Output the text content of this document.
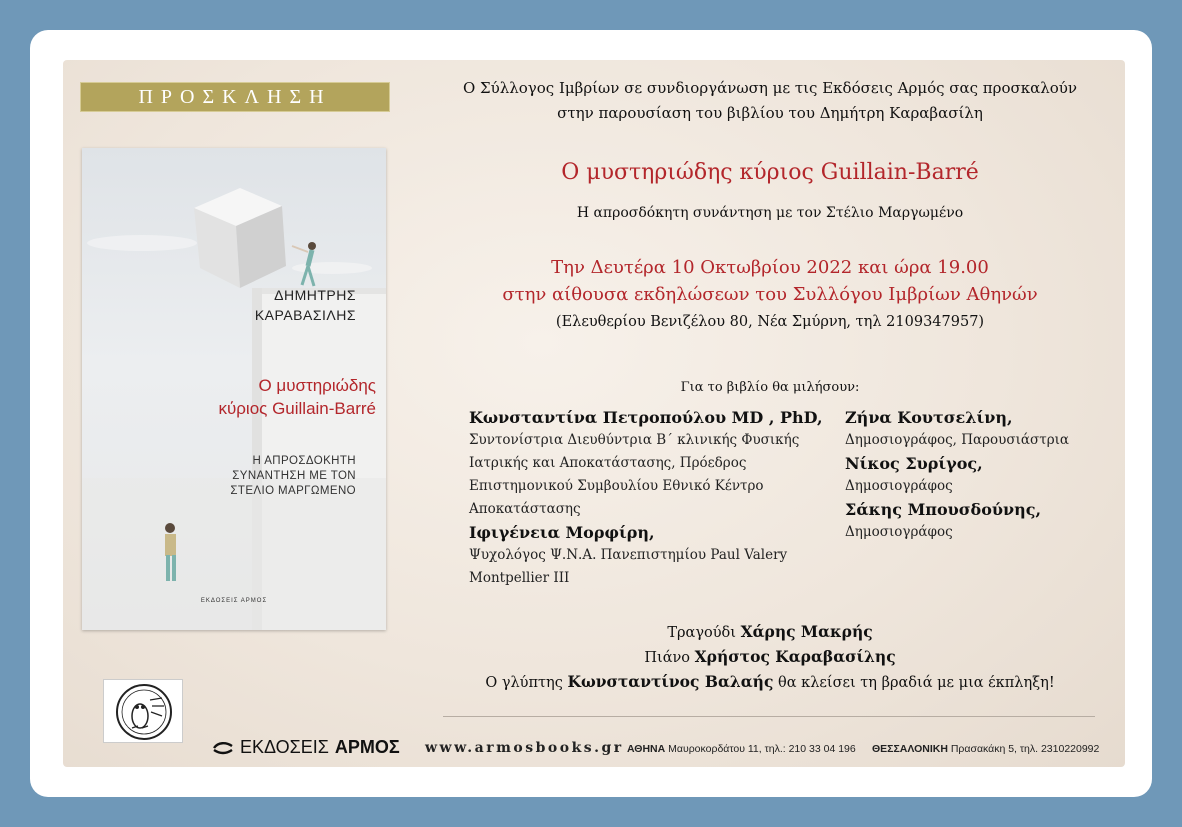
ΠΡΟΣΚΛΗΣΗ
ΔΗΜΗΤΡΗΣ
ΚΑΡΑΒΑΣΙΛΗΣ
Ο μυστηριώδης
κύριος Guillain-Barré
Η ΑΠΡΟΣΔΟΚΗΤΗ
ΣΥΝΑΝΤΗΣΗ ΜΕ ΤΟΝ
ΣΤΕΛΙΟ ΜΑΡΓΩΜΕΝΟ
ΕΚΔΟΣΕΙΣ ΑΡΜΟΣ
Ο Σύλλογος Ιμβρίων σε συνδιοργάνωση με τις Εκδόσεις Αρμός σας προσκαλούν
στην παρουσίαση του βιβλίου του Δημήτρη Καραβασίλη
Ο μυστηριώδης κύριος Guillain-Barré
Η απροσδόκητη συνάντηση με τον Στέλιο Μαργωμένο
Την Δευτέρα 10 Οκτωβρίου 2022 και ώρα 19.00
στην αίθουσα εκδηλώσεων του Συλλόγου Ιμβρίων Αθηνών
(Ελευθερίου Βενιζέλου 80, Νέα Σμύρνη, τηλ 2109347957)
Για το βιβλίο θα μιλήσουν:
Κωνσταντίνα Πετροπούλου MD , PhD,
Συντονίστρια Διευθύντρια Β΄ κλινικής Φυσικής
Ιατρικής και Αποκατάστασης, Πρόεδρος
Επιστημονικού Συμβουλίου Εθνικό Κέντρο
Αποκατάστασης
Ιφιγένεια Μορφίρη,
Ψυχολόγος Ψ.Ν.Α. Πανεπιστημίου Paul Valery
Montpellier III
Ζήνα Κουτσελίνη,
Δημοσιογράφος, Παρουσιάστρια
Νίκος Συρίγος,
Δημοσιογράφος
Σάκης Μπουσδούνης,
Δημοσιογράφος
Τραγούδι Χάρης Μακρής
Πιάνο Χρήστος Καραβασίλης
Ο γλύπτης Κωνσταντίνος Βαλαής θα κλείσει τη βραδιά με μια έκπληξη!
ΕΚΔΟΣΕΙΣ ΑΡΜΟΣ www.armosbooks.gr ΑΘΗΝΑ Μαυροκορδάτου 11, τηλ.: 210 33 04 196 ΘΕΣΣΑΛΟΝΙΚΗ Πρασακάκη 5, τηλ. 2310220992
